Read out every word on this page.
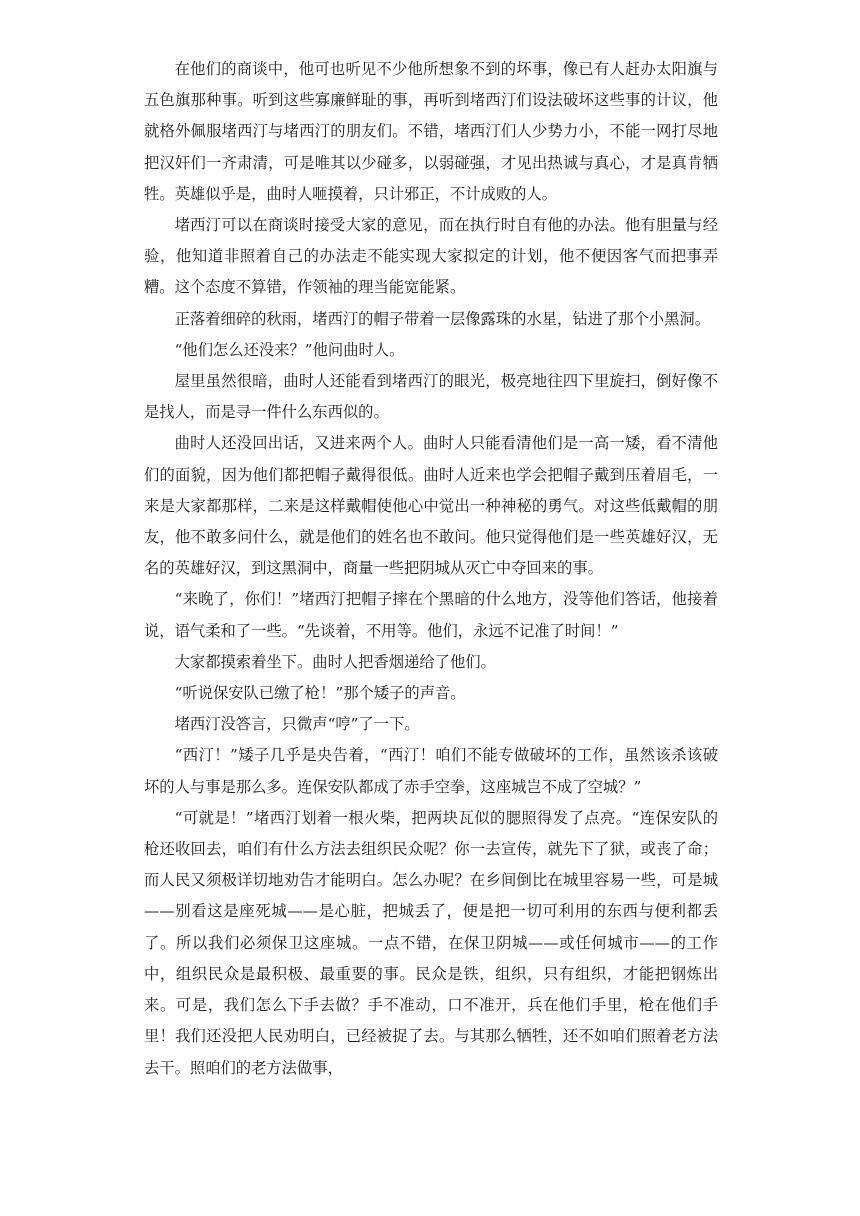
在他们的商谈中，他可也听见不少他所想象不到的坏事，像已有人赶办太阳旗与五色旗那种事。听到这些寡廉鲜耻的事，再听到堵西汀们设法破坏这些事的计议，他就格外佩服堵西汀与堵西汀的朋友们。不错，堵西汀们人少势力小，不能一网打尽地把汉奸们一齐肃清，可是唯其以少碰多，以弱碰强，才见出热诚与真心，才是真肯牺牲。英雄似乎是，曲时人咂摸着，只计邪正，不计成败的人。

堵西汀可以在商谈时接受大家的意见，而在执行时自有他的办法。他有胆量与经验，他知道非照着自己的办法走不能实现大家拟定的计划，他不便因客气而把事弄糟。这个态度不算错，作领袖的理当能宽能紧。

正落着细碎的秋雨，堵西汀的帽子带着一层像露珠的水星，钻进了那个小黑洞。

“他们怎么还没来？”他问曲时人。

屋里虽然很暗，曲时人还能看到堵西汀的眼光，极亮地往四下里旋扫，倒好像不是找人，而是寻一件什么东西似的。

曲时人还没回出话，又进来两个人。曲时人只能看清他们是一高一矮，看不清他们的面貌，因为他们都把帽子戴得很低。曲时人近来也学会把帽子戴到压着眉毛，一来是大家都那样，二来是这样戴帽使他心中觉出一种神秘的勇气。对这些低戴帽的朋友，他不敢多问什么，就是他们的姓名也不敢问。他只觉得他们是一些英雄好汉，无名的英雄好汉，到这黑洞中，商量一些把阴城从灭亡中夺回来的事。

“来晚了，你们！”堵西汀把帽子摔在个黑暗的什么地方，没等他们答话，他接着说，语气柔和了一些。“先谈着，不用等。他们，永远不记准了时间！”

大家都摸索着坐下。曲时人把香烟递给了他们。

“听说保安队已缴了枪！”那个矮子的声音。

堵西汀没答言，只微声“哼”了一下。

“西汀！”矮子几乎是央告着，“西汀！咱们不能专做破坏的工作，虽然该杀该破坏的人与事是那么多。连保安队都成了赤手空拳，这座城岂不成了空城？”

“可就是！”堵西汀划着一根火柴，把两块瓦似的腮照得发了点亮。“连保安队的枪还收回去，咱们有什么方法去组织民众呢？你一去宣传，就先下了狱，或丧了命；而人民又须极详切地劝告才能明白。怎么办呢？在乡间倒比在城里容易一些，可是城——别看这是座死城——是心脏，把城丢了，便是把一切可利用的东西与便利都丢了。所以我们必须保卫这座城。一点不错，在保卫阴城——或任何城市——的工作中，组织民众是最积极、最重要的事。民众是铁，组织，只有组织，才能把钢炼出来。可是，我们怎么下手去做？手不准动，口不准开，兵在他们手里，枪在他们手里！我们还没把人民劝明白，已经被捉了去。与其那么牺牲，还不如咱们照着老方法去干。照咱们的老方法做事，
